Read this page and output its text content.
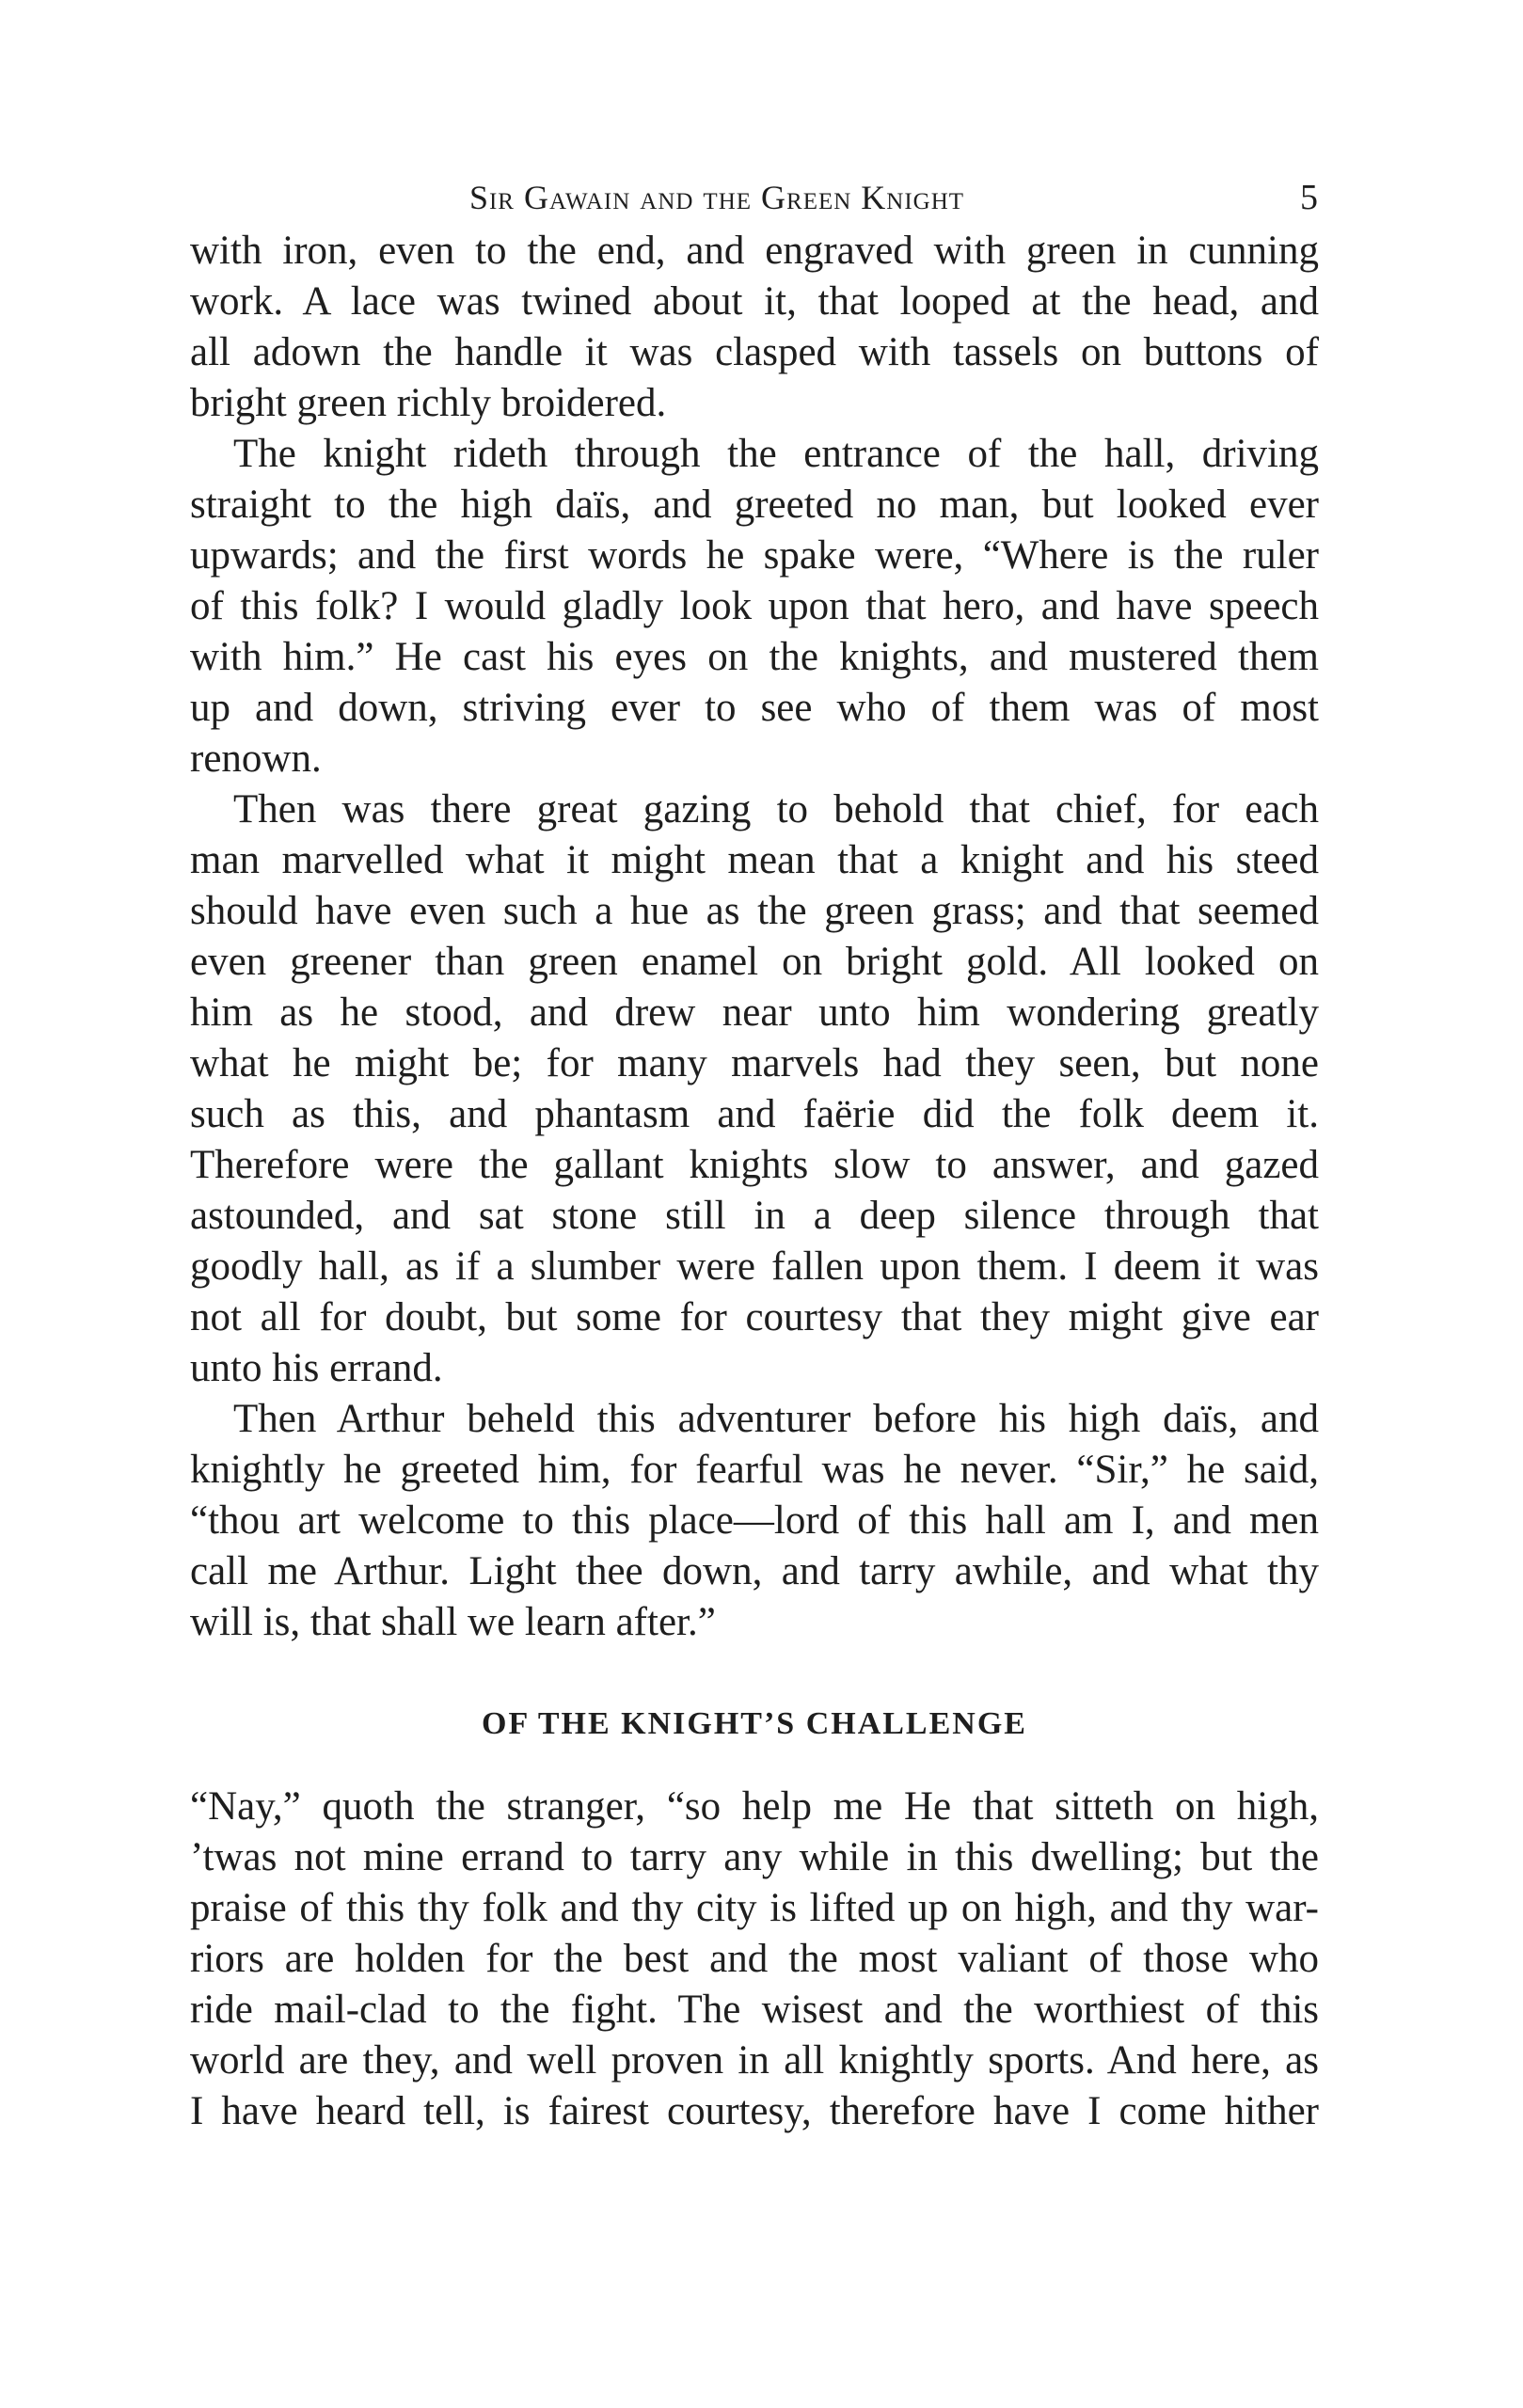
Sir Gawain and the Green Knight	5

with iron, even to the end, and engraved with green in cunning
work. A lace was twined about it, that looped at the head, and
all adown the handle it was clasped with tassels on buttons of
bright green richly broidered.

The knight rideth through the entrance of the hall, driving
straight to the high daïs, and greeted no man, but looked ever
upwards; and the first words he spake were, “Where is the ruler
of this folk? I would gladly look upon that hero, and have speech
with him.” He cast his eyes on the knights, and mustered them
up and down, striving ever to see who of them was of most
renown.

Then was there great gazing to behold that chief, for each
man marvelled what it might mean that a knight and his steed
should have even such a hue as the green grass; and that seemed
even greener than green enamel on bright gold. All looked on
him as he stood, and drew near unto him wondering greatly
what he might be; for many marvels had they seen, but none
such as this, and phantasm and faërie did the folk deem it.
Therefore were the gallant knights slow to answer, and gazed
astounded, and sat stone still in a deep silence through that
goodly hall, as if a slumber were fallen upon them. I deem it was
not all for doubt, but some for courtesy that they might give ear
unto his errand.

Then Arthur beheld this adventurer before his high daïs, and
knightly he greeted him, for fearful was he never. “Sir,” he said,
“thou art welcome to this place—lord of this hall am I, and men
call me Arthur. Light thee down, and tarry awhile, and what thy
will is, that shall we learn after.”

OF THE KNIGHT’S CHALLENGE

“Nay,” quoth the stranger, “so help me He that sitteth on high,
’twas not mine errand to tarry any while in this dwelling; but the
praise of this thy folk and thy city is lifted up on high, and thy war-
riors are holden for the best and the most valiant of those who
ride mail-clad to the fight. The wisest and the worthiest of this
world are they, and well proven in all knightly sports. And here, as
I have heard tell, is fairest courtesy, therefore have I come hither
